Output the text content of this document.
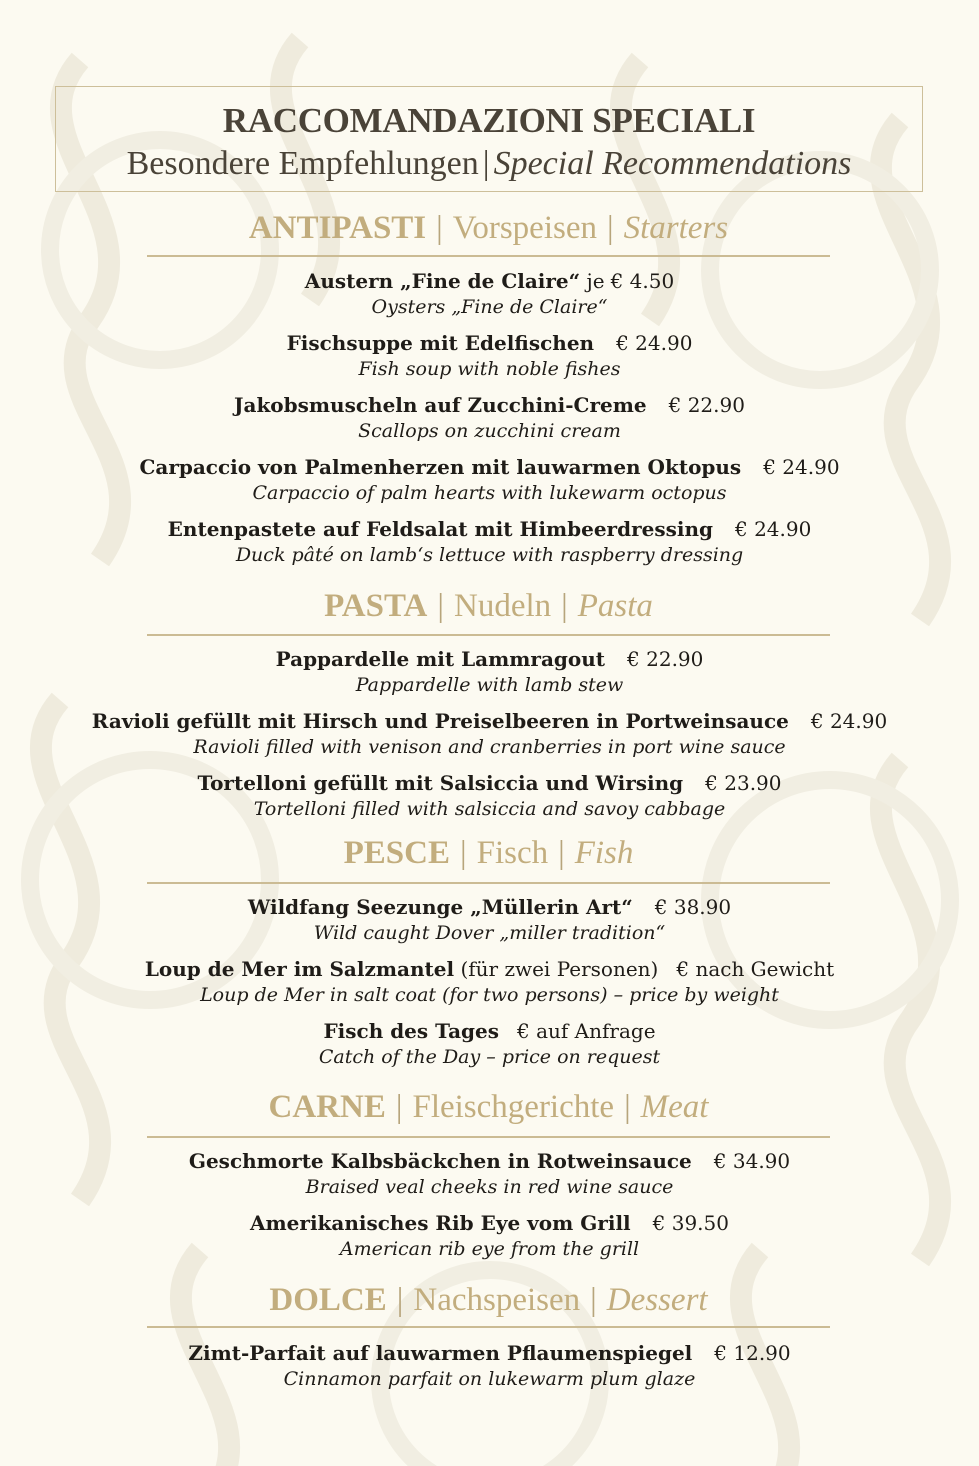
RACCOMANDAZIONI SPECIALI
Besondere Empfehlungen | Special Recommendations
ANTIPASTI | Vorspeisen | Starters
Austern „Fine de Claire“ je € 4.50
Oysters „Fine de Claire“
Fischsuppe mit Edelfischen € 24.90
Fish soup with noble fishes
Jakobsmuscheln auf Zucchini-Creme € 22.90
Scallops on zucchini cream
Carpaccio von Palmenherzen mit lauwarmen Oktopus € 24.90
Carpaccio of palm hearts with lukewarm octopus
Entenpastete auf Feldsalat mit Himbeerdressing € 24.90
Duck pâté on lamb‘s lettuce with raspberry dressing
PASTA | Nudeln | Pasta
Pappardelle mit Lammragout € 22.90
Pappardelle with lamb stew
Ravioli gefüllt mit Hirsch und Preiselbeeren in Portweinsauce € 24.90
Ravioli filled with venison and cranberries in port wine sauce
Tortelloni gefüllt mit Salsiccia und Wirsing € 23.90
Tortelloni filled with salsiccia and savoy cabbage
PESCE | Fisch | Fish
Wildfang Seezunge „Müllerin Art“ € 38.90
Wild caught Dover „miller tradition“
Loup de Mer im Salzmantel (für zwei Personen) € nach Gewicht
Loup de Mer in salt coat (for two persons) – price by weight
Fisch des Tages € auf Anfrage
Catch of the Day – price on request
CARNE | Fleischgerichte | Meat
Geschmorte Kalbsbäckchen in Rotweinsauce € 34.90
Braised veal cheeks in red wine sauce
Amerikanisches Rib Eye vom Grill € 39.50
American rib eye from the grill
DOLCE | Nachspeisen | Dessert
Zimt-Parfait auf lauwarmen Pflaumenspiegel € 12.90
Cinnamon parfait on lukewarm plum glaze
